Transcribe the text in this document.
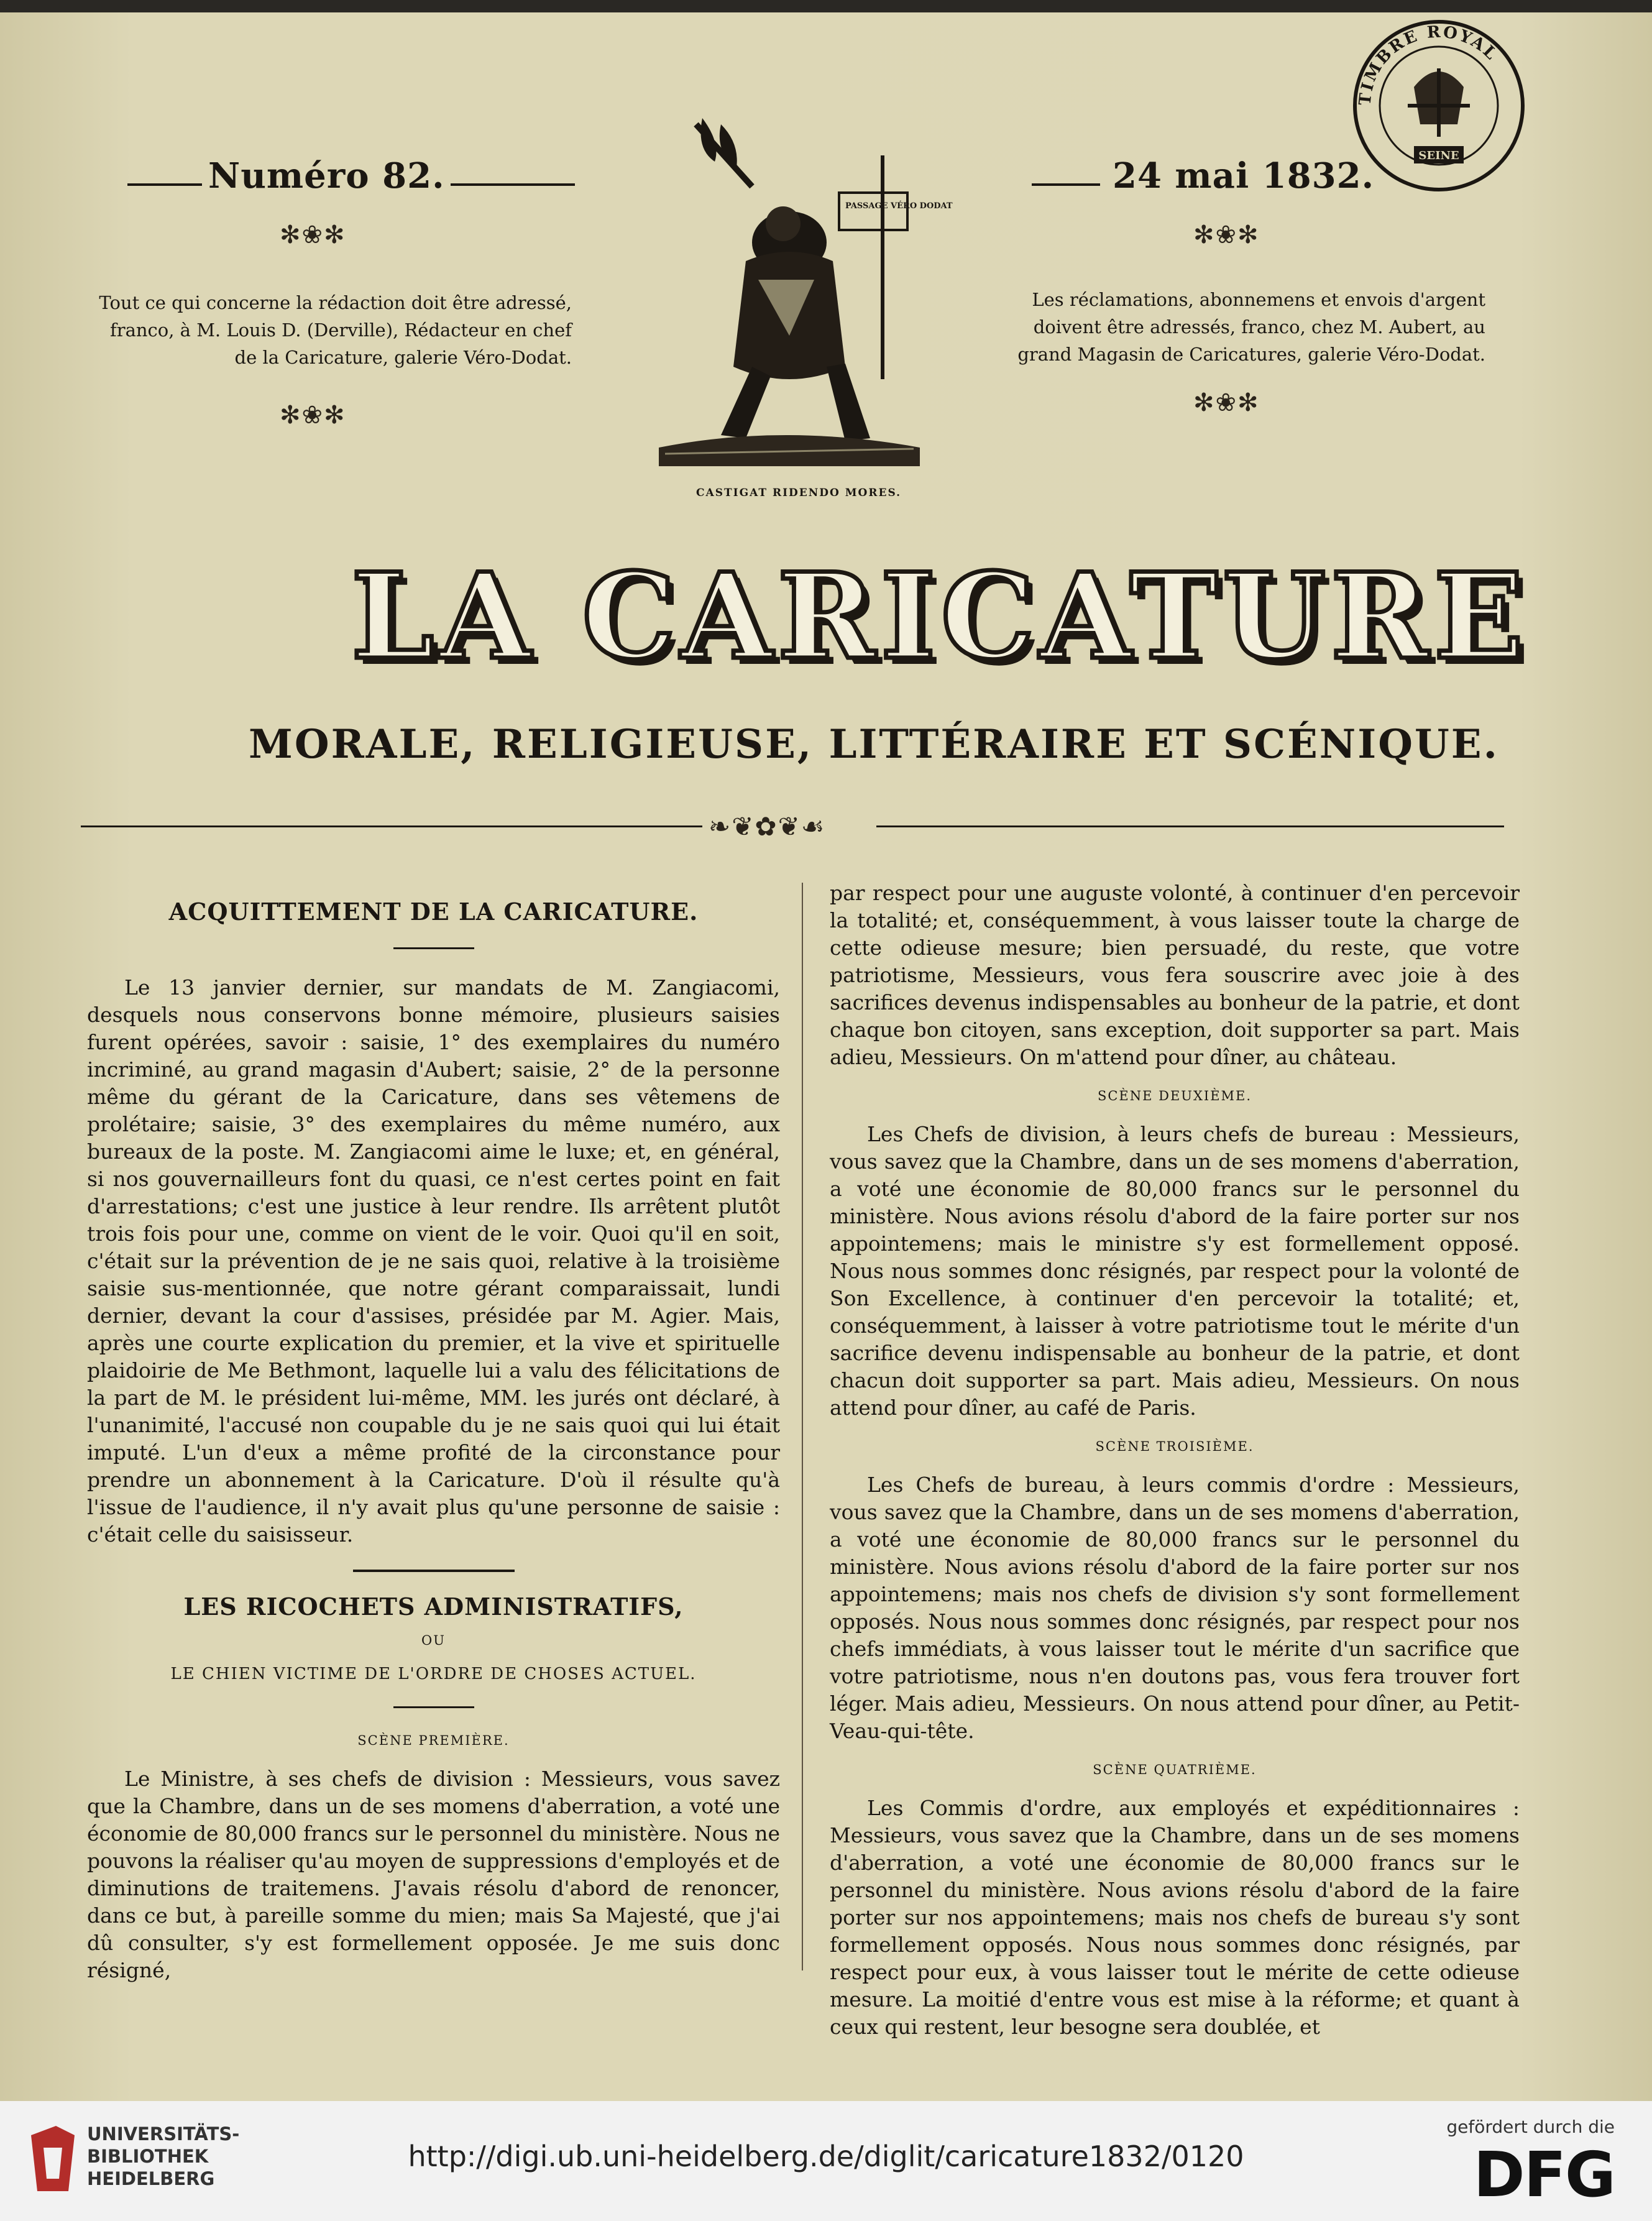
Numéro 82.	24 mai 1832.
✻❀✻	✻❀✻
Tout ce qui concerne la rédaction doit être adressé, franco, à M. Louis D. (Derville), Rédacteur en chef de la Caricature, galerie Véro-Dodat.
Les réclamations, abonnemens et envois d'argent doivent être adressés, franco, chez M. Aubert, au grand Magasin de Caricatures, galerie Véro-Dodat.
✻❀✻	✻❀✻
PASSAGE VÉRO DODAT
CASTIGAT RIDENDO MORES.
TIMBRE ROYAL
SEINE
LA CARICATURE
MORALE, RELIGIEUSE, LITTÉRAIRE ET SCÉNIQUE.
❧❦✿❦☙
ACQUITTEMENT DE LA CARICATURE.

Le 13 janvier dernier, sur mandats de M. Zangiacomi, desquels nous conservons bonne mémoire, plusieurs saisies furent opérées, savoir : saisie, 1° des exemplaires du numéro incriminé, au grand magasin d'Aubert; saisie, 2° de la personne même du gérant de la Caricature, dans ses vêtemens de prolétaire; saisie, 3° des exemplaires du même numéro, aux bureaux de la poste. M. Zangiacomi aime le luxe; et, en général, si nos gouvernailleurs font du quasi, ce n'est certes point en fait d'arrestations; c'est une justice à leur rendre. Ils arrêtent plutôt trois fois pour une, comme on vient de le voir. Quoi qu'il en soit, c'était sur la prévention de je ne sais quoi, relative à la troisième saisie sus-mentionnée, que notre gérant comparaissait, lundi dernier, devant la cour d'assises, présidée par M. Agier. Mais, après une courte explication du premier, et la vive et spirituelle plaidoirie de Me Bethmont, laquelle lui a valu des félicitations de la part de M. le président lui-même, MM. les jurés ont déclaré, à l'unanimité, l'accusé non coupable du je ne sais quoi qui lui était imputé. L'un d'eux a même profité de la circonstance pour prendre un abonnement à la Caricature. D'où il résulte qu'à l'issue de l'audience, il n'y avait plus qu'une personne de saisie : c'était celle du saisisseur.

LES RICOCHETS ADMINISTRATIFS,
OU
LE CHIEN VICTIME DE L'ORDRE DE CHOSES ACTUEL.
SCÈNE PREMIÈRE.

Le Ministre, à ses chefs de division : Messieurs, vous savez que la Chambre, dans un de ses momens d'aberration, a voté une économie de 80,000 francs sur le personnel du ministère. Nous ne pouvons la réaliser qu'au moyen de suppressions d'employés et de diminutions de traitemens. J'avais résolu d'abord de renoncer, dans ce but, à pareille somme du mien; mais Sa Majesté, que j'ai dû consulter, s'y est formellement opposée. Je me suis donc résigné,

par respect pour une auguste volonté, à continuer d'en percevoir la totalité; et, conséquemment, à vous laisser toute la charge de cette odieuse mesure; bien persuadé, du reste, que votre patriotisme, Messieurs, vous fera souscrire avec joie à des sacrifices devenus indispensables au bonheur de la patrie, et dont chaque bon citoyen, sans exception, doit supporter sa part. Mais adieu, Messieurs. On m'attend pour dîner, au château.

SCÈNE DEUXIÈME.

Les Chefs de division, à leurs chefs de bureau : Messieurs, vous savez que la Chambre, dans un de ses momens d'aberration, a voté une économie de 80,000 francs sur le personnel du ministère. Nous avions résolu d'abord de la faire porter sur nos appointemens; mais le ministre s'y est formellement opposé. Nous nous sommes donc résignés, par respect pour la volonté de Son Excellence, à continuer d'en percevoir la totalité; et, conséquemment, à laisser à votre patriotisme tout le mérite d'un sacrifice devenu indispensable au bonheur de la patrie, et dont chacun doit supporter sa part. Mais adieu, Messieurs. On nous attend pour dîner, au café de Paris.

SCÈNE TROISIÈME.

Les Chefs de bureau, à leurs commis d'ordre : Messieurs, vous savez que la Chambre, dans un de ses momens d'aberration, a voté une économie de 80,000 francs sur le personnel du ministère. Nous avions résolu d'abord de la faire porter sur nos appointemens; mais nos chefs de division s'y sont formellement opposés. Nous nous sommes donc résignés, par respect pour nos chefs immédiats, à vous laisser tout le mérite d'un sacrifice que votre patriotisme, nous n'en doutons pas, vous fera trouver fort léger. Mais adieu, Messieurs. On nous attend pour dîner, au Petit-Veau-qui-tête.

SCÈNE QUATRIÈME.

Les Commis d'ordre, aux employés et expéditionnaires : Messieurs, vous savez que la Chambre, dans un de ses momens d'aberration, a voté une économie de 80,000 francs sur le personnel du ministère. Nous avions résolu d'abord de la faire porter sur nos appointemens; mais nos chefs de bureau s'y sont formellement opposés. Nous nous sommes donc résignés, par respect pour eux, à vous laisser tout le mérite de cette odieuse mesure. La moitié d'entre vous est mise à la réforme; et quant à ceux qui restent, leur besogne sera doublée, et

UNIVERSITÄTS-
BIBLIOTHEK
HEIDELBERG
http://digi.ub.uni-heidelberg.de/diglit/caricature1832/0120
gefördert durch die
DFG
